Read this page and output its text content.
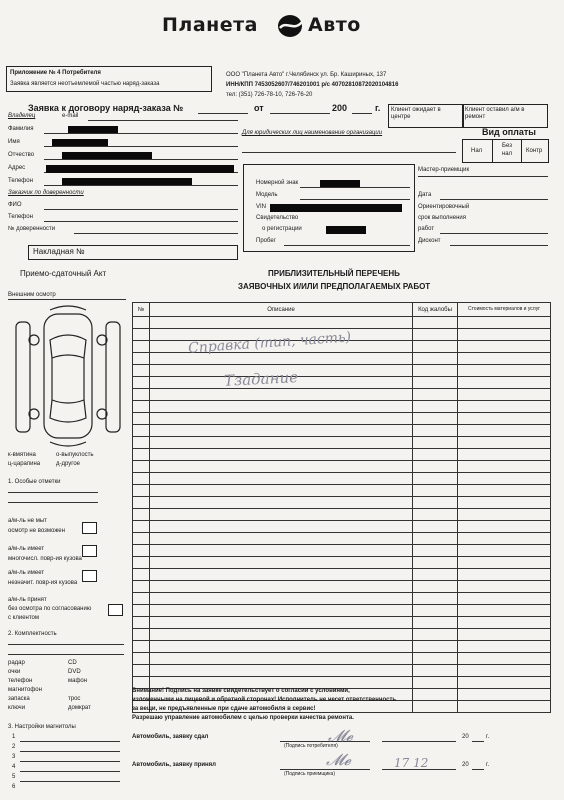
Планета	Авто
Приложение № 4 Потребителя
Заявка является неотъемлемой частью наряд-заказа
ООО "Планета Авто" г.Челябинск ул. Бр. Кашириных, 137
ИНН/КПП 7453052607/746201001 р/с 40702810872020104816
тел: (351) 726-78-10, 726-76-20
Клиент ожидает в центре
Клиент оставил а/м в ремонт
Заявка к договору наряд-заказа №	от	200	г.
Владелец	e-mail
Фамилия
Имя
Отчество
Адрес
Телефон
Для юридических лиц наименование организации	Вид оплаты
Нал
Без нал	Контр
Заказчик по доверенности
ФИО
Телефон
№ доверенности
Накладная №
Мастер-приемщик
Номерной знак
Модель
VIN
Свидетельство
о регистрации
Пробег
Дата
Ориентировочный
срок выполнения
работ
Дисконт
Приемо-сдаточный Акт
Внешним осмотр
ПРИБЛИЗИТЕЛЬНЫЙ ПЕРЕЧЕНЬ
ЗАЯВОЧНЫХ И/ИЛИ ПРЕДПОЛАГАЕМЫХ РАБОТ
к-вмятина	о-выпуклость
ц-царапина	д-другое
1. Особые отметки
а/м-ль не мыт
осмотр не возможен
а/м-ль имеет
многочисл. повр-ия кузова
а/м-ль имеет
незначит. повр-ия кузова
а/м-ль принят
без осмотра по согласованию
с клиентом
2. Комплектность
радар	CD
очки	DVD
телефон	мафон
магнитофон
запаска	трос
ключи	домкрат
3. Настройки магнитолы
1
2
3
4
5
6
№	Описание	Код жалобы	Стоимость материалов и услуг

Справка (тип, часть)
Тзадание
Внимание! Подпись на заявке свидетельствует о согласии с условиями,
изложенными на лицевой и обратной сторонах! Исполнитель не несет ответственность
за вещи, не предъявленные при сдаче автомобиля в сервис!
Разрешаю управление автомобилем с целью проверки качества ремонта.
Автомобиль, заявку сдал
(Подпись потребителя)
𝓜𝓮	20	г.
Автомобиль, заявку принял
(Подпись приемщика)
𝓜𝓮	17 12	20	г.
